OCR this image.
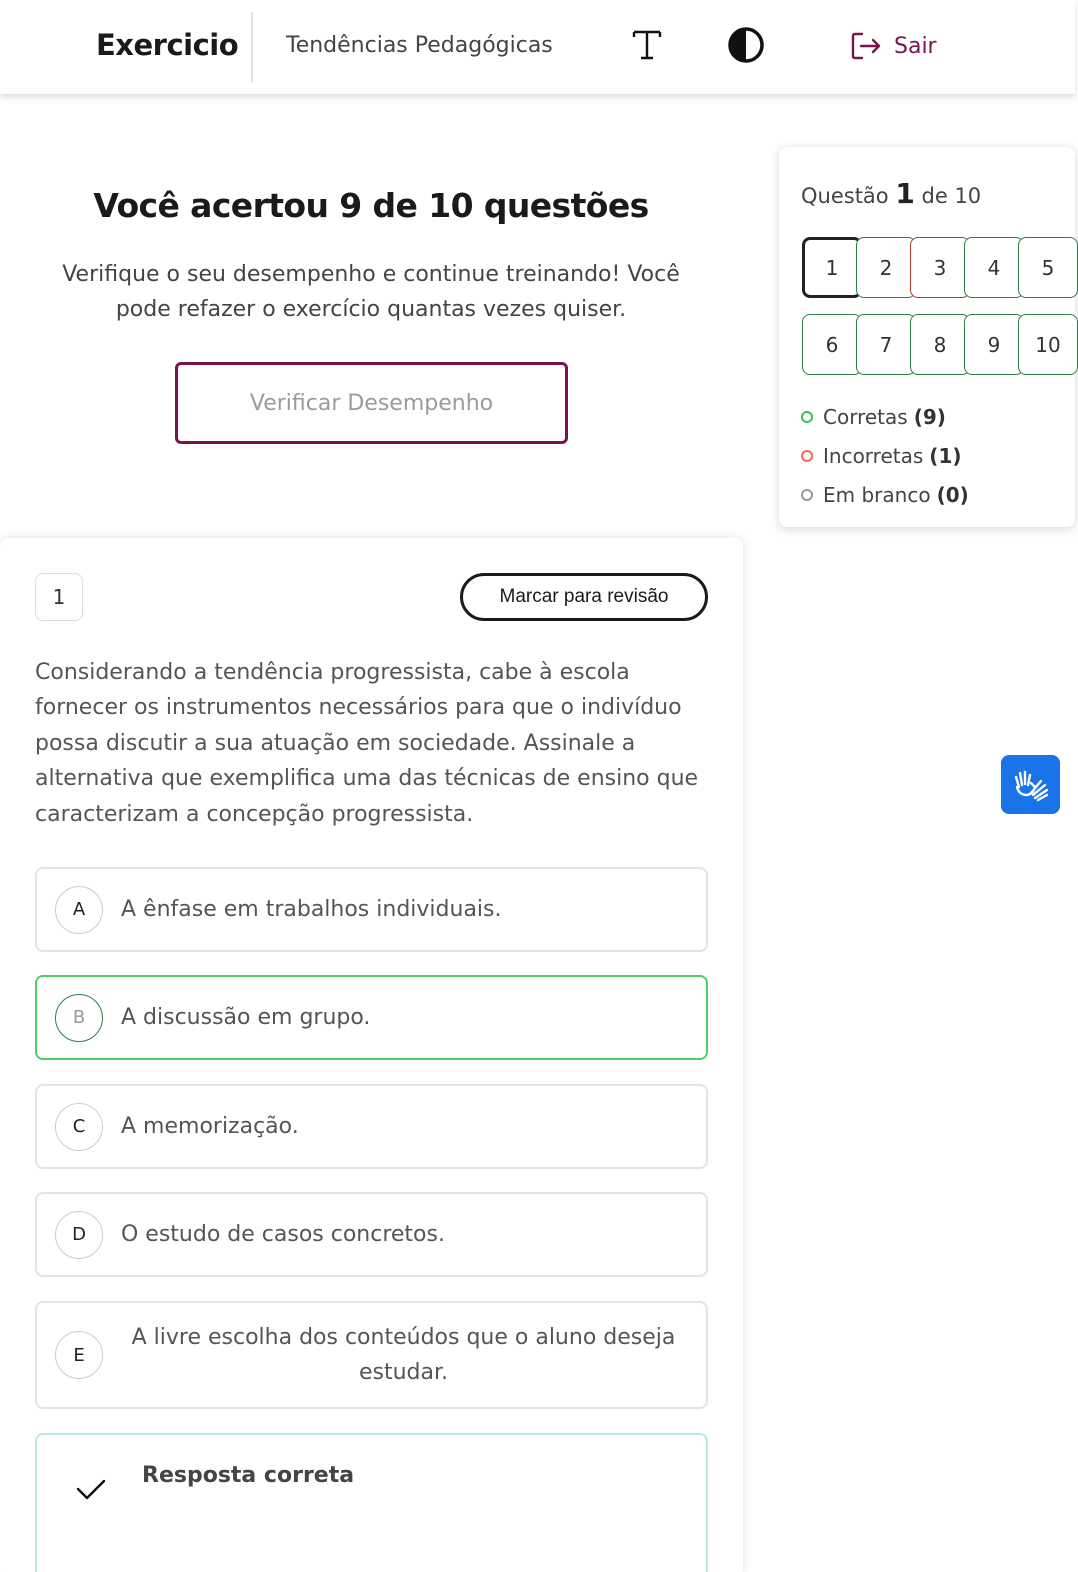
Exercicio Tendências Pedagógicas	Sair
Você acertou 9 de 10 questões
Verifique o seu desempenho e continue treinando! Você pode refazer o exercício quantas vezes quiser.
Verificar Desempenho
Questão 1 de 10
1	2	3	4	5
6	7	8	9	10
Corretas (9)
Incorretas (1)
Em branco (0)
1	Marcar para revisão
Considerando a tendência progressista, cabe à escola fornecer os instrumentos necessários para que o indivíduo possa discutir a sua atuação em sociedade. Assinale a alternativa que exemplifica uma das técnicas de ensino que caracterizam a concepção progressista.
A	A ênfase em trabalhos individuais.
B	A discussão em grupo.
C	A memorização.
D	O estudo de casos concretos.
E
A livre escolha dos conteúdos que o aluno deseja estudar.
Resposta correta
